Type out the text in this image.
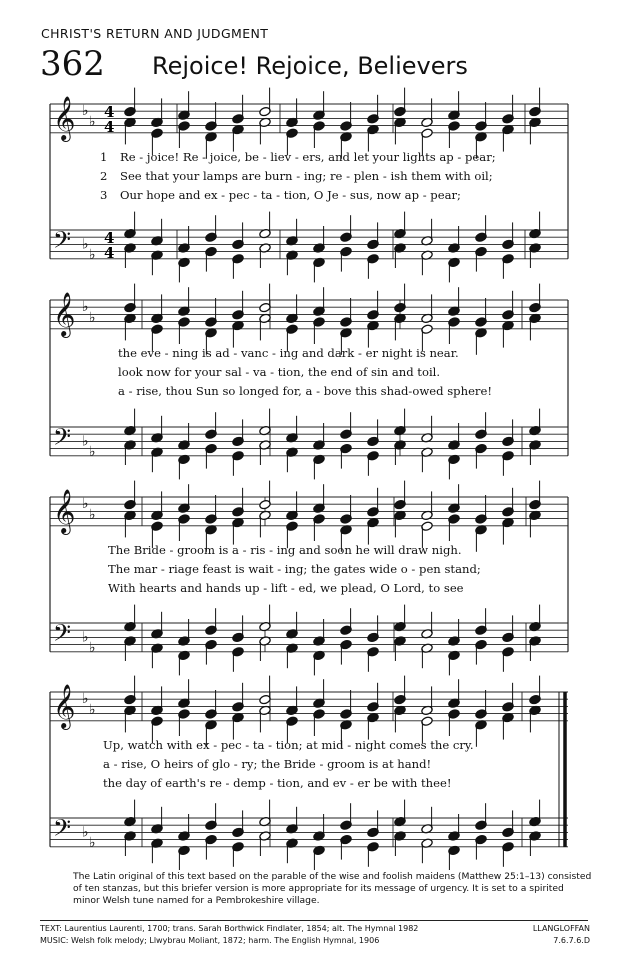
CHRIST'S RETURN AND JUDGMENT
362 Rejoice! Rejoice, Believers
𝄞
𝄢
♭
♭
♭
♭
4
4
4
4
𝄞
𝄢
♭
♭
♭
♭
𝄞
𝄢
♭
♭
♭
♭
𝄞
𝄢
♭
♭
♭
♭
1
2
3
Re - joice! Re - joice, be - liev - ers, and let your lights ap - pear;
See that your lamps are burn - ing; re - plen - ish them with oil;
Our hope and ex - pec - ta - tion, O Je - sus, now ap - pear;
the eve - ning is ad - vanc - ing and dark - er night is near.
look now for your sal - va - tion, the end of sin and toil.
a - rise, thou Sun so longed for, a - bove this shad-owed sphere!
The Bride - groom is a - ris - ing and soon he will draw nigh.
The mar - riage feast is wait - ing; the gates wide o - pen stand;
With hearts and hands up - lift - ed, we plead, O Lord, to see
Up, watch with ex - pec - ta - tion; at mid - night comes the cry.
a - rise, O heirs of glo - ry; the Bride - groom is at hand!
the day of earth's re - demp - tion, and ev - er be with thee!
The Latin original of this text based on the parable of the wise and foolish maidens (Matthew 25:1–13) consisted of ten stanzas, but this briefer version is more appropriate for its message of urgency. It is set to a spirited minor Welsh tune named for a Pembrokeshire village.
TEXT: Laurentius Laurenti, 1700; trans. Sarah Borthwick Findlater, 1854; alt. The Hymnal 1982
MUSIC: Welsh folk melody; Llwybrau Moliant, 1872; harm. The English Hymnal, 1906
LLANGLOFFAN
7.6.7.6.D
